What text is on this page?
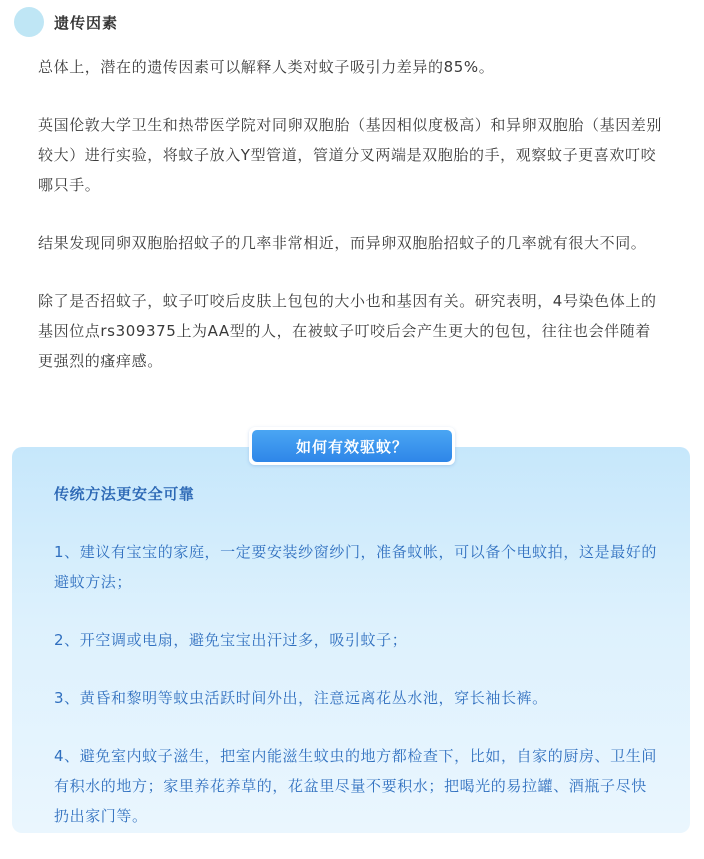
遗传因素

总体上，潜在的遗传因素可以解释人类对蚊子吸引力差异的85%。

英国伦敦大学卫生和热带医学院对同卵双胞胎（基因相似度极高）和异卵双胞胎（基因差别较大）进行实验，将蚊子放入Y型管道，管道分叉两端是双胞胎的手，观察蚊子更喜欢叮咬哪只手。

结果发现同卵双胞胎招蚊子的几率非常相近，而异卵双胞胎招蚊子的几率就有很大不同。

除了是否招蚊子，蚊子叮咬后皮肤上包包的大小也和基因有关。研究表明，4号染色体上的基因位点rs309375上为AA型的人，在被蚊子叮咬后会产生更大的包包，往往也会伴随着更强烈的瘙痒感。

如何有效驱蚊？

传统方法更安全可靠

1、建议有宝宝的家庭，一定要安装纱窗纱门，准备蚊帐，可以备个电蚊拍，这是最好的避蚊方法；

2、开空调或电扇，避免宝宝出汗过多，吸引蚊子；

3、黄昏和黎明等蚊虫活跃时间外出，注意远离花丛水池，穿长袖长裤。

4、避免室内蚊子滋生，把室内能滋生蚊虫的地方都检查下，比如，自家的厨房、卫生间有积水的地方；家里养花养草的，花盆里尽量不要积水；把喝光的易拉罐、酒瓶子尽快扔出家门等。
